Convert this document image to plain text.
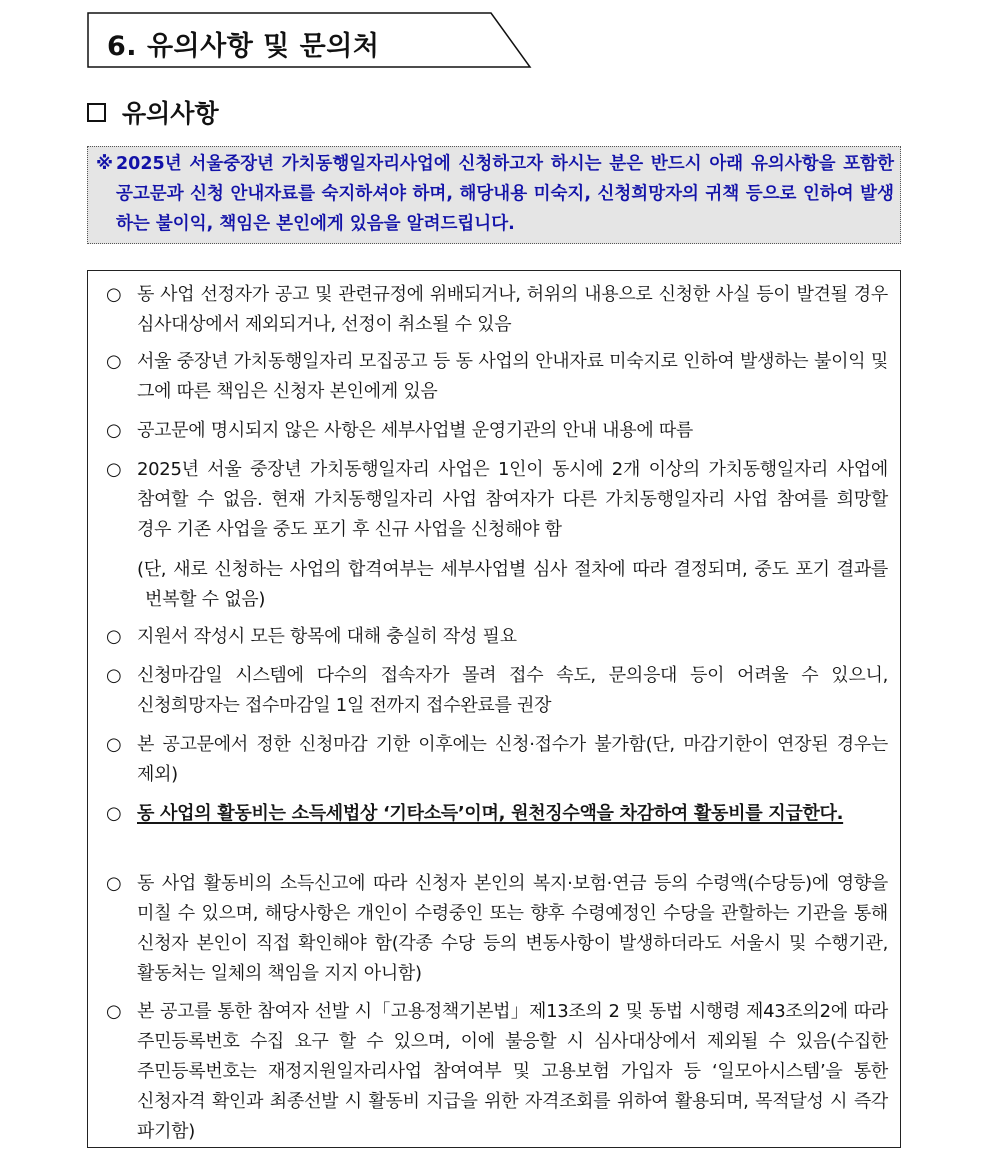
6. 유의사항 및 문의처
유의사항
※ 2025년 서울중장년 가치동행일자리사업에 신청하고자 하시는 분은 반드시 아래 유의사항을 포함한 공고문과 신청 안내자료를 숙지하셔야 하며, 해당내용 미숙지, 신청희망자의 귀책 등으로 인하여 발생하는 불이익, 책임은 본인에게 있음을 알려드립니다.
○ 동 사업 선정자가 공고 및 관련규정에 위배되거나, 허위의 내용으로 신청한 사실 등이 발견될 경우 심사대상에서 제외되거나, 선정이 취소될 수 있음
○ 서울 중장년 가치동행일자리 모집공고 등 동 사업의 안내자료 미숙지로 인하여 발생하는 불이익 및 그에 따른 책임은 신청자 본인에게 있음
○ 공고문에 명시되지 않은 사항은 세부사업별 운영기관의 안내 내용에 따름
○ 2025년 서울 중장년 가치동행일자리 사업은 1인이 동시에 2개 이상의 가치동행일자리 사업에 참여할 수 없음. 현재 가치동행일자리 사업 참여자가 다른 가치동행일자리 사업 참여를 희망할 경우 기존 사업을 중도 포기 후 신규 사업을 신청해야 함
(단, 새로 신청하는 사업의 합격여부는 세부사업별 심사 절차에 따라 결정되며, 중도 포기 결과를 번복할 수 없음)
○ 지원서 작성시 모든 항목에 대해 충실히 작성 필요
○ 신청마감일 시스템에 다수의 접속자가 몰려 접수 속도, 문의응대 등이 어려울 수 있으니, 신청희망자는 접수마감일 1일 전까지 접수완료를 권장
○ 본 공고문에서 정한 신청마감 기한 이후에는 신청·접수가 불가함(단, 마감기한이 연장된 경우는 제외)
○ 동 사업의 활동비는 소득세법상 ‘기타소득’이며, 원천징수액을 차감하여 활동비를 지급한다.
○ 동 사업 활동비의 소득신고에 따라 신청자 본인의 복지·보험·연금 등의 수령액(수당등)에 영향을 미칠 수 있으며, 해당사항은 개인이 수령중인 또는 향후 수령예정인 수당을 관할하는 기관을 통해 신청자 본인이 직접 확인해야 함(각종 수당 등의 변동사항이 발생하더라도 서울시 및 수행기관, 활동처는 일체의 책임을 지지 아니함)
○ 본 공고를 통한 참여자 선발 시「고용정책기본법」제13조의 2 및 동법 시행령 제43조의2에 따라 주민등록번호 수집 요구 할 수 있으며, 이에 불응할 시 심사대상에서 제외될 수 있음(수집한 주민등록번호는 재정지원일자리사업 참여여부 및 고용보험 가입자 등 ‘일모아시스템’을 통한 신청자격 확인과 최종선발 시 활동비 지급을 위한 자격조회를 위하여 활용되며, 목적달성 시 즉각 파기함)
